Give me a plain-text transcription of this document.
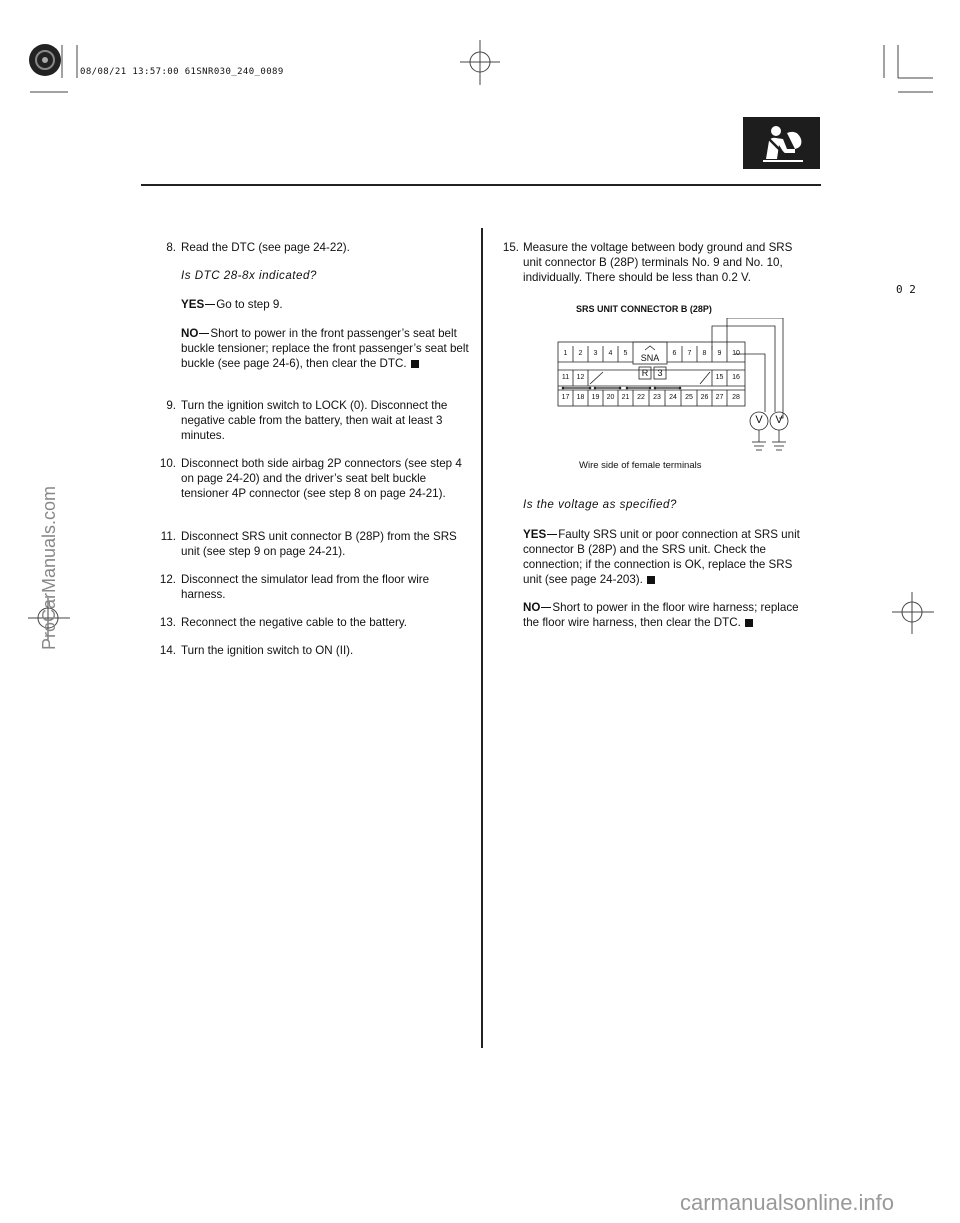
08/08/21 13:57:00 61SNR030_240_0089
0 2
8. Read the DTC (see page 24-22).
Is DTC 28-8x indicated?
YES Go to step 9.
NO Short to power in the front passenger’s seat belt buckle tensioner; replace the front passenger’s seat belt buckle (see page 24-6), then clear the DTC.
9. Turn the ignition switch to LOCK (0). Disconnect the negative cable from the battery, then wait at least 3 minutes.
10. Disconnect both side airbag 2P connectors (see step 4 on page 24-20) and the driver’s seat belt buckle tensioner 4P connector (see step 8 on page 24-21).
11. Disconnect SRS unit connector B (28P) from the SRS unit (see step 9 on page 24-21).
12. Disconnect the simulator lead from the floor wire harness.
13. Reconnect the negative cable to the battery.
14. Turn the ignition switch to ON (II).
15. Measure the voltage between body ground and SRS unit connector B (28P) terminals No. 9 and No. 10, individually. There should be less than 0.2 V.
SRS UNIT CONNECTOR B (28P)
1	2	3	4	5	6	7	8	9	10
SNA
11	12	R	3	15	16
17	18	19	20	21	22	23	24	25	26	27	28
V	V
Wire side of female terminals
Is the voltage as specified?
YES Faulty SRS unit or poor connection at SRS unit connector B (28P) and the SRS unit. Check the connection; if the connection is OK, replace the SRS unit (see page 24-203).
NO Short to power in the floor wire harness; replace the floor wire harness, then clear the DTC.
ProCarManuals.com
carmanualsonline.info
